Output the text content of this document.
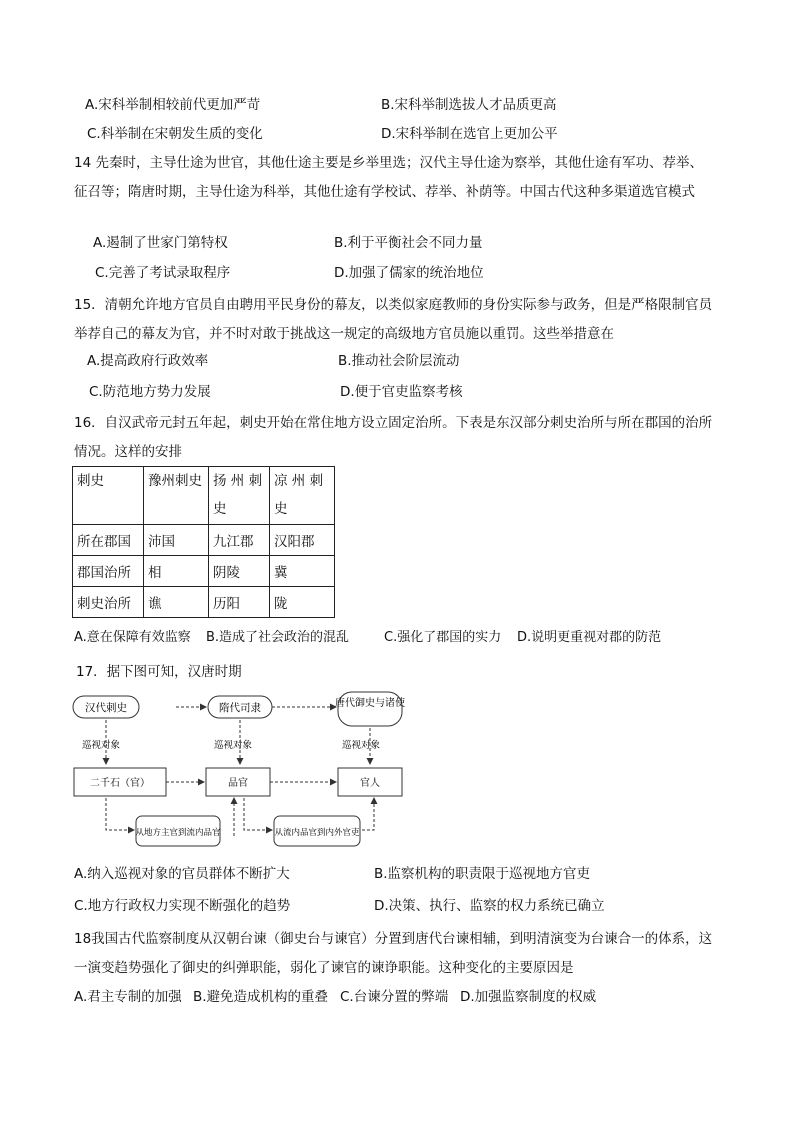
A.宋科举制相较前代更加严苛	B.宋科举制选拔人才品质更高
C.科举制在宋朝发生质的变化	D.宋科举制在选官上更加公平
14 先秦时，主导仕途为世官，其他仕途主要是乡举里选；汉代主导仕途为察举，其他仕途有军功、荐举、征召等；隋唐时期，主导仕途为科举，其他仕途有学校试、荐举、补荫等。中国古代这种多渠道选官模式
A.遏制了世家门第特权	B.利于平衡社会不同力量
C.完善了考试录取程序	D.加强了儒家的统治地位
15．清朝允许地方官员自由聘用平民身份的幕友，以类似家庭教师的身份实际参与政务，但是严格限制官员举荐自己的幕友为官，并不时对敢于挑战这一规定的高级地方官员施以重罚。这些举措意在
A.提高政府行政效率	B.推动社会阶层流动
C.防范地方势力发展	D.便于官吏监察考核
16．自汉武帝元封五年起，刺史开始在常住地方设立固定治所。下表是东汉部分刺史治所与所在郡国的治所情况。这样的安排
刺史	豫州刺史	扬 州 刺史	凉 州 刺史
所在郡国	沛国	九江郡	汉阳郡
郡国治所	相	阴陵	冀
刺史治所	谯	历阳	陇
A.意在保障有效监察 B.造成了社会政治的混乱	C.强化了郡国的实力 D.说明更重视对郡的防范
17．据下图可知，汉唐时期
汉代刺史	隋代司隶	唐代御史与诸使
巡视对象	巡视对象	巡视对象
二千石（官）	品官	官人
从地方主官到流内品官	从流内品官到内外官吏
A.纳入巡视对象的官员群体不断扩大	B.监察机构的职责限于巡视地方官吏
C.地方行政权力实现不断强化的趋势	D.决策、执行、监察的权力系统已确立
18我国古代监察制度从汉朝台谏（御史台与谏官）分置到唐代台谏相辅，到明清演变为台谏合一的体系，这一演变趋势强化了御史的纠弹职能，弱化了谏官的谏诤职能。这种变化的主要原因是
A.君主专制的加强 B.避免造成机构的重叠 C.台谏分置的弊端 D.加强监察制度的权威
